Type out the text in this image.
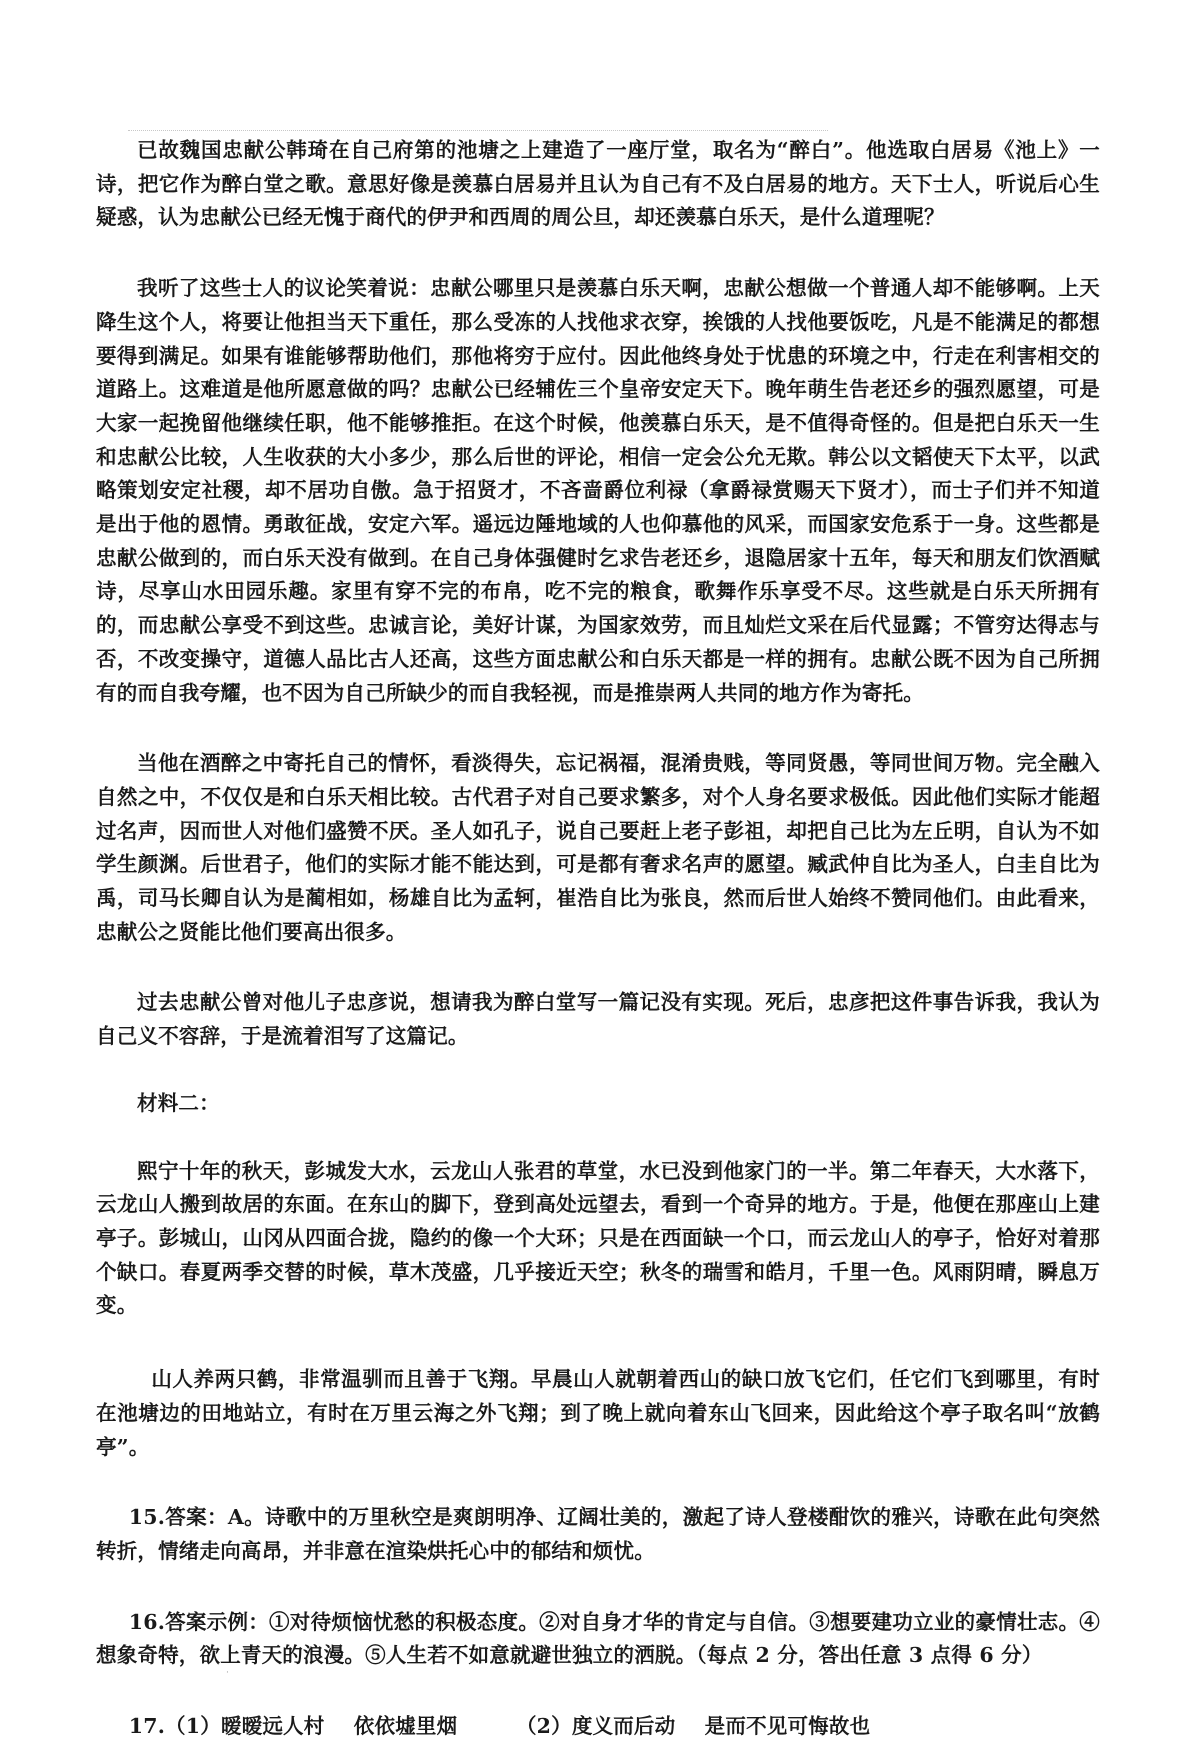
已故魏国忠献公韩琦在自己府第的池塘之上建造了一座厅堂，取名为“醉白”。他选取白居易《池上》一诗，把它作为醉白堂之歌。意思好像是羡慕白居易并且认为自己有不及白居易的地方。天下士人，听说后心生疑惑，认为忠献公已经无愧于商代的伊尹和西周的周公旦，却还羡慕白乐天，是什么道理呢？

我听了这些士人的议论笑着说：忠献公哪里只是羡慕白乐天啊，忠献公想做一个普通人却不能够啊。上天降生这个人，将要让他担当天下重任，那么受冻的人找他求衣穿，挨饿的人找他要饭吃，凡是不能满足的都想要得到满足。如果有谁能够帮助他们，那他将穷于应付。因此他终身处于忧患的环境之中，行走在利害相交的道路上。这难道是他所愿意做的吗？忠献公已经辅佐三个皇帝安定天下。晚年萌生告老还乡的强烈愿望，可是大家一起挽留他继续任职，他不能够推拒。在这个时候，他羡慕白乐天，是不值得奇怪的。但是把白乐天一生和忠献公比较，人生收获的大小多少，那么后世的评论，相信一定会公允无欺。韩公以文韬使天下太平，以武略策划安定社稷，却不居功自傲。急于招贤才，不吝啬爵位利禄（拿爵禄赏赐天下贤才），而士子们并不知道是出于他的恩情。勇敢征战，安定六军。遥远边陲地域的人也仰慕他的风采，而国家安危系于一身。这些都是忠献公做到的，而白乐天没有做到。在自己身体强健时乞求告老还乡，退隐居家十五年，每天和朋友们饮酒赋诗，尽享山水田园乐趣。家里有穿不完的布帛，吃不完的粮食，歌舞作乐享受不尽。这些就是白乐天所拥有的，而忠献公享受不到这些。忠诚言论，美好计谋，为国家效劳，而且灿烂文采在后代显露；不管穷达得志与否，不改变操守，道德人品比古人还高，这些方面忠献公和白乐天都是一样的拥有。忠献公既不因为自己所拥有的而自我夸耀，也不因为自己所缺少的而自我轻视，而是推崇两人共同的地方作为寄托。

当他在酒醉之中寄托自己的情怀，看淡得失，忘记祸福，混淆贵贱，等同贤愚，等同世间万物。完全融入自然之中，不仅仅是和白乐天相比较。古代君子对自己要求繁多，对个人身名要求极低。因此他们实际才能超过名声，因而世人对他们盛赞不厌。圣人如孔子，说自己要赶上老子彭祖，却把自己比为左丘明，自认为不如学生颜渊。后世君子，他们的实际才能不能达到，可是都有奢求名声的愿望。臧武仲自比为圣人，白圭自比为禹，司马长卿自认为是蔺相如，杨雄自比为孟轲，崔浩自比为张良，然而后世人始终不赞同他们。由此看来，忠献公之贤能比他们要高出很多。

过去忠献公曾对他儿子忠彦说，想请我为醉白堂写一篇记没有实现。死后，忠彦把这件事告诉我，我认为自己义不容辞，于是流着泪写了这篇记。

材料二：

熙宁十年的秋天，彭城发大水，云龙山人张君的草堂，水已没到他家门的一半。第二年春天，大水落下，云龙山人搬到故居的东面。在东山的脚下，登到高处远望去，看到一个奇异的地方。于是，他便在那座山上建亭子。彭城山，山冈从四面合拢，隐约的像一个大环；只是在西面缺一个口，而云龙山人的亭子，恰好对着那个缺口。春夏两季交替的时候，草木茂盛，几乎接近天空；秋冬的瑞雪和皓月，千里一色。风雨阴晴，瞬息万变。

山人养两只鹤，非常温驯而且善于飞翔。早晨山人就朝着西山的缺口放飞它们，任它们飞到哪里，有时在池塘边的田地站立，有时在万里云海之外飞翔；到了晚上就向着东山飞回来，因此给这个亭子取名叫“放鹤亭”。

15.答案：A。诗歌中的万里秋空是爽朗明净、辽阔壮美的，激起了诗人登楼酣饮的雅兴，诗歌在此句突然转折，情绪走向高昂，并非意在渲染烘托心中的郁结和烦忧。

16.答案示例：①对待烦恼忧愁的积极态度。②对自身才华的肯定与自信。③想要建功立业的豪情壮志。④想象奇特，欲上青天的浪漫。⑤人生若不如意就避世独立的洒脱。（每点 2 分，答出任意 3 点得 6 分）

17.（1）暧暧远人村    依依墟里烟        （2）度义而后动    是而不见可悔故也

·
